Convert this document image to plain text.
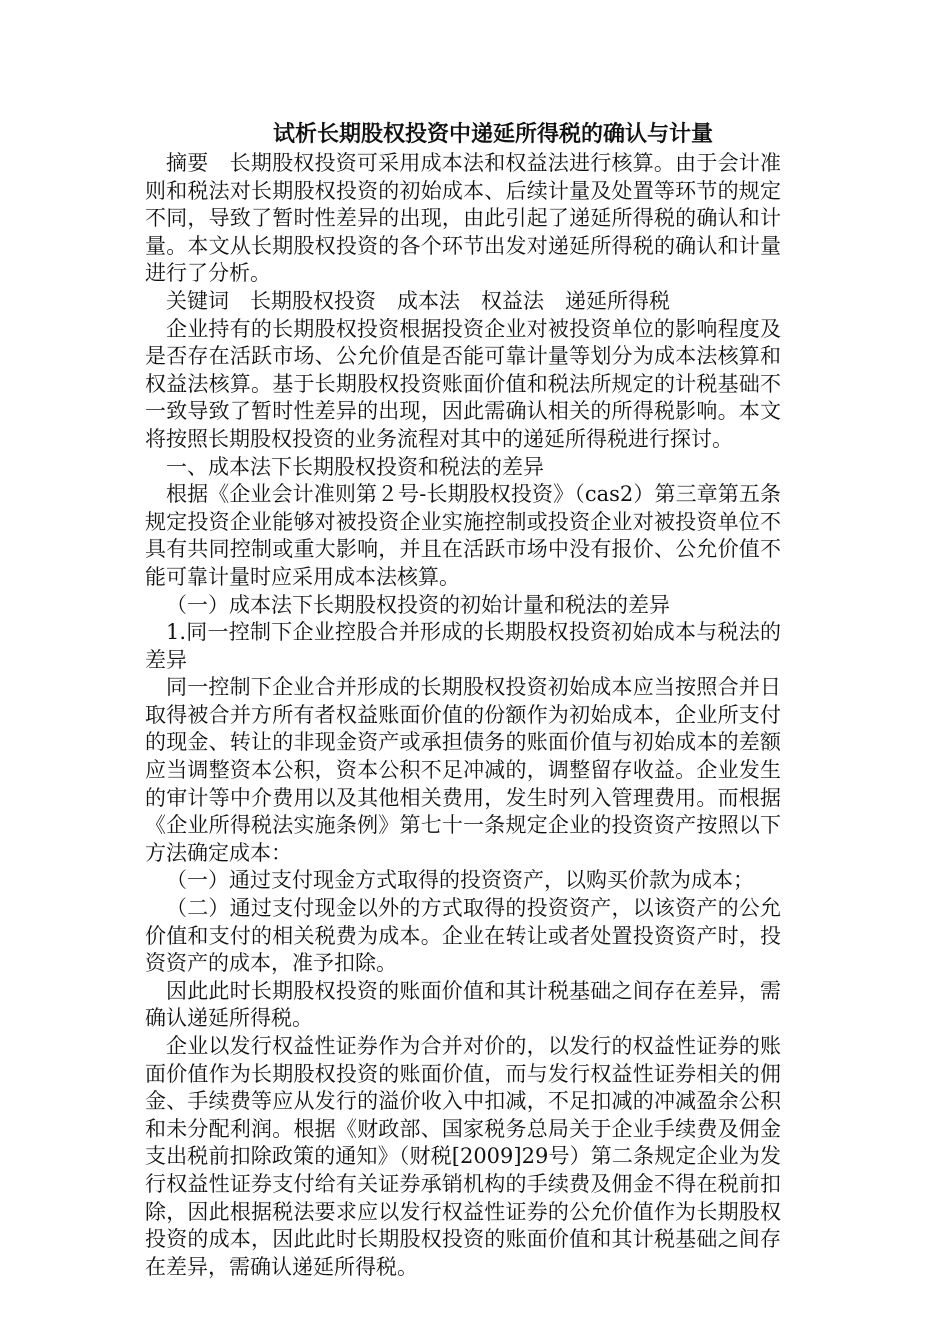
试析长期股权投资中递延所得税的确认与计量

摘要　长期股权投资可采用成本法和权益法进行核算。由于会计准则和税法对长期股权投资的初始成本、后续计量及处置等环节的规定不同，导致了暂时性差异的出现，由此引起了递延所得税的确认和计量。本文从长期股权投资的各个环节出发对递延所得税的确认和计量进行了分析。

关键词　长期股权投资　成本法　权益法　递延所得税

企业持有的长期股权投资根据投资企业对被投资单位的影响程度及是否存在活跃市场、公允价值是否能可靠计量等划分为成本法核算和权益法核算。基于长期股权投资账面价值和税法所规定的计税基础不一致导致了暂时性差异的出现，因此需确认相关的所得税影响。本文将按照长期股权投资的业务流程对其中的递延所得税进行探讨。

一、成本法下长期股权投资和税法的差异

根据《企业会计准则第２号-长期股权投资》（cas2）第三章第五条规定投资企业能够对被投资企业实施控制或投资企业对被投资单位不具有共同控制或重大影响，并且在活跃市场中没有报价、公允价值不能可靠计量时应采用成本法核算。

（一）成本法下长期股权投资的初始计量和税法的差异

1.同一控制下企业控股合并形成的长期股权投资初始成本与税法的差异

同一控制下企业合并形成的长期股权投资初始成本应当按照合并日取得被合并方所有者权益账面价值的份额作为初始成本，企业所支付的现金、转让的非现金资产或承担债务的账面价值与初始成本的差额应当调整资本公积，资本公积不足冲减的，调整留存收益。企业发生的审计等中介费用以及其他相关费用，发生时列入管理费用。而根据《企业所得税法实施条例》第七十一条规定企业的投资资产按照以下方法确定成本：

（一）通过支付现金方式取得的投资资产，以购买价款为成本；

（二）通过支付现金以外的方式取得的投资资产，以该资产的公允价值和支付的相关税费为成本。企业在转让或者处置投资资产时，投资资产的成本，准予扣除。

因此此时长期股权投资的账面价值和其计税基础之间存在差异，需确认递延所得税。

企业以发行权益性证券作为合并对价的，以发行的权益性证券的账面价值作为长期股权投资的账面价值，而与发行权益性证券相关的佣金、手续费等应从发行的溢价收入中扣减，不足扣减的冲减盈余公积和未分配利润。根据《财政部、国家税务总局关于企业手续费及佣金支出税前扣除政策的通知》（财税[2009]29号）第二条规定企业为发行权益性证券支付给有关证券承销机构的手续费及佣金不得在税前扣除，因此根据税法要求应以发行权益性证券的公允价值作为长期股权投资的成本，因此此时长期股权投资的账面价值和其计税基础之间存在差异，需确认递延所得税。
